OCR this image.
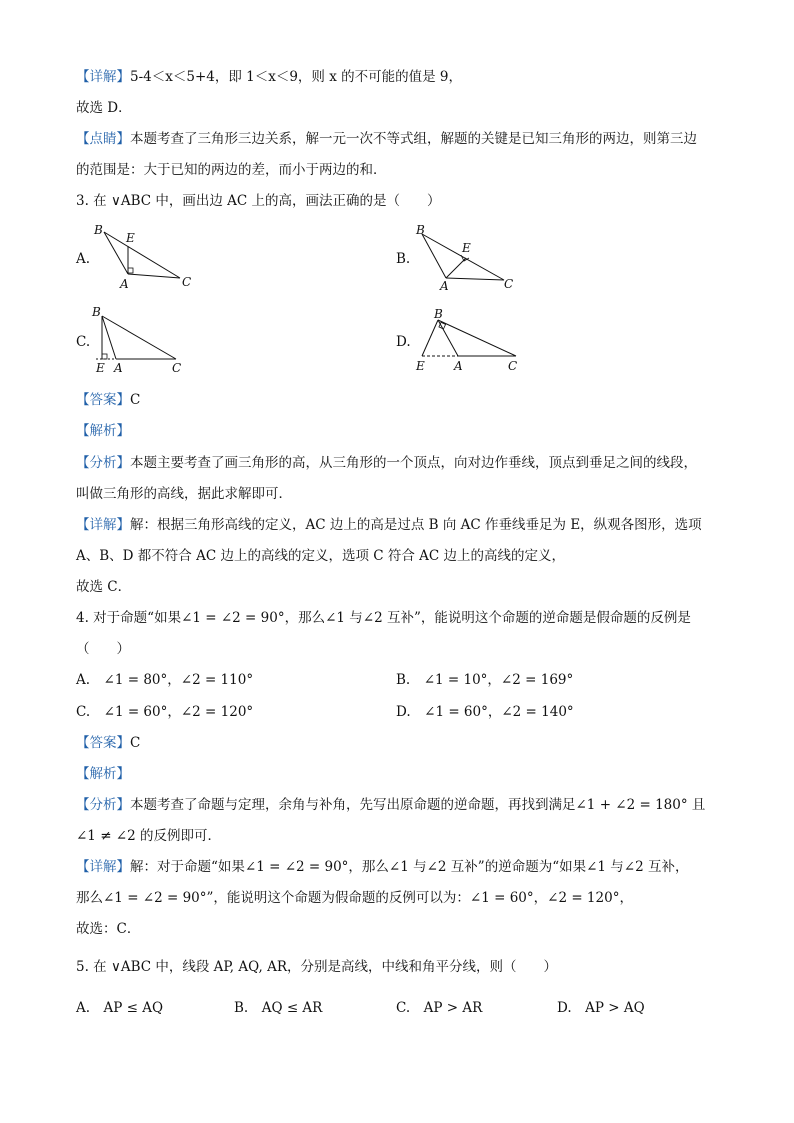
【详解】5-4＜x＜5+4，即 1＜x＜9，则 x 的不可能的值是 9，
故选 D．
【点睛】本题考查了三角形三边关系，解一元一次不等式组，解题的关键是已知三角形的两边，则第三边
的范围是：大于已知的两边的差，而小于两边的和．
3. 在 ∨ABC 中，画出边 AC 上的高，画法正确的是（　　）
A.
B
E
A	C
B.
B
E
A	C
C.
B
E A	C
D.
B
E A	C
【答案】C
【解析】
【分析】本题主要考查了画三角形的高，从三角形的一个顶点，向对边作垂线，顶点到垂足之间的线段，
叫做三角形的高线，据此求解即可．
【详解】解：根据三角形高线的定义，AC 边上的高是过点 B 向 AC 作垂线垂足为 E，纵观各图形，选项
A、B、D 都不符合 AC 边上的高线的定义，选项 C 符合 AC 边上的高线的定义，
故选 C．
4. 对于命题“如果∠1 = ∠2 = 90°，那么∠1 与∠2 互补”，能说明这个命题的逆命题是假命题的反例是
（　　）
A.　∠1 = 80°，∠2 = 110°	B.　∠1 = 10°，∠2 = 169°
C.　∠1 = 60°，∠2 = 120°	D.　∠1 = 60°，∠2 = 140°
【答案】C
【解析】
【分析】本题考查了命题与定理，余角与补角，先写出原命题的逆命题，再找到满足∠1 + ∠2 = 180° 且
∠1 ≠ ∠2 的反例即可．
【详解】解：对于命题“如果∠1 = ∠2 = 90°，那么∠1 与∠2 互补”的逆命题为“如果∠1 与∠2 互补，
那么∠1 = ∠2 = 90°”，能说明这个命题为假命题的反例可以为：∠1 = 60°，∠2 = 120°，
故选：C．
5. 在 ∨ABC 中，线段 AP, AQ, AR，分别是高线，中线和角平分线，则（　　）
A.　AP ≤ AQ	B.　AQ ≤ AR	C.　AP > AR	D.　AP > AQ
